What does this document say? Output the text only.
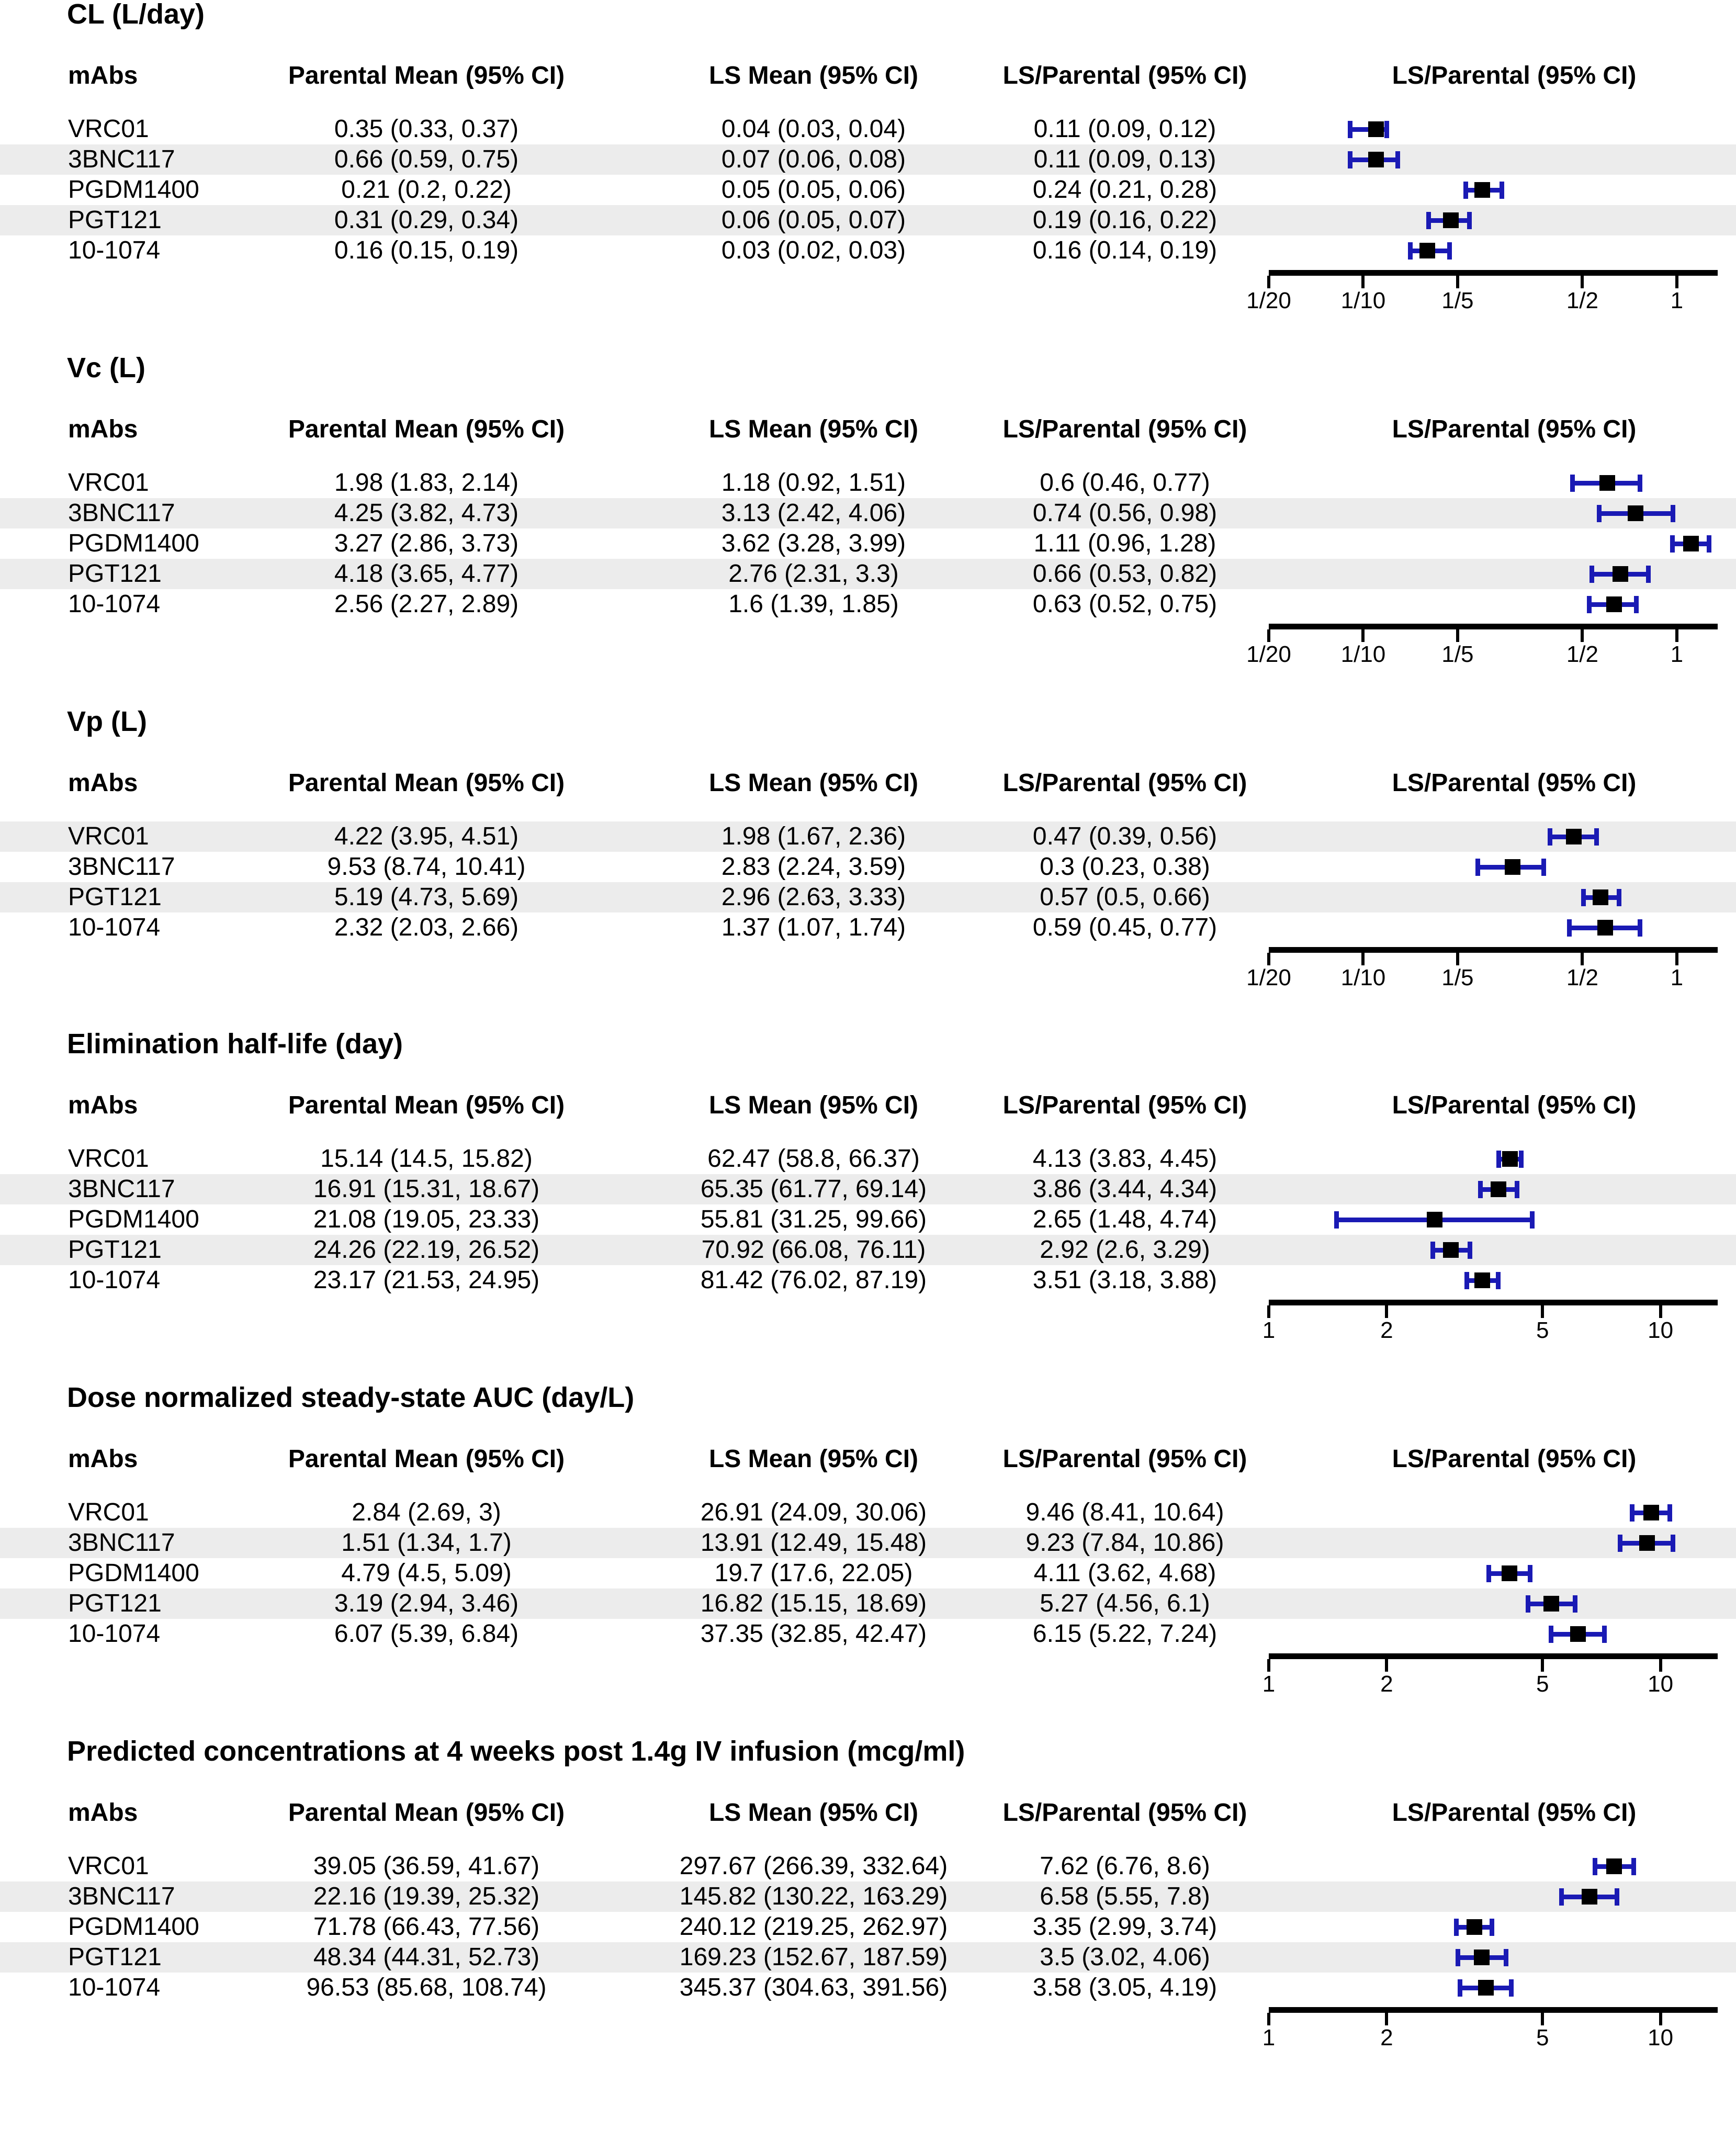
CL (L/day)
mAbs	Parental Mean (95% CI)	LS Mean (95% CI)	LS/Parental (95% CI)	LS/Parental (95% CI)
VRC01	0.35 (0.33, 0.37)	0.04 (0.03, 0.04)	0.11 (0.09, 0.12)
3BNC117	0.66 (0.59, 0.75)	0.07 (0.06, 0.08)	0.11 (0.09, 0.13)
PGDM1400	0.21 (0.2, 0.22)	0.05 (0.05, 0.06)	0.24 (0.21, 0.28)
PGT121	0.31 (0.29, 0.34)	0.06 (0.05, 0.07)	0.19 (0.16, 0.22)
10-1074	0.16 (0.15, 0.19)	0.03 (0.02, 0.03)	0.16 (0.14, 0.19)
1/20 1/10 1/5	1/2	1
Vc (L)
mAbs	Parental Mean (95% CI)	LS Mean (95% CI)	LS/Parental (95% CI)	LS/Parental (95% CI)
VRC01	1.98 (1.83, 2.14)	1.18 (0.92, 1.51)	0.6 (0.46, 0.77)
3BNC117	4.25 (3.82, 4.73)	3.13 (2.42, 4.06)	0.74 (0.56, 0.98)
PGDM1400	3.27 (2.86, 3.73)	3.62 (3.28, 3.99)	1.11 (0.96, 1.28)
PGT121	4.18 (3.65, 4.77)	2.76 (2.31, 3.3)	0.66 (0.53, 0.82)
10-1074	2.56 (2.27, 2.89)	1.6 (1.39, 1.85)	0.63 (0.52, 0.75)
1/20 1/10 1/5	1/2	1
Vp (L)
mAbs	Parental Mean (95% CI)	LS Mean (95% CI)	LS/Parental (95% CI)	LS/Parental (95% CI)
VRC01	4.22 (3.95, 4.51)	1.98 (1.67, 2.36)	0.47 (0.39, 0.56)
3BNC117	9.53 (8.74, 10.41)	2.83 (2.24, 3.59)	0.3 (0.23, 0.38)
PGT121	5.19 (4.73, 5.69)	2.96 (2.63, 3.33)	0.57 (0.5, 0.66)
10-1074	2.32 (2.03, 2.66)	1.37 (1.07, 1.74)	0.59 (0.45, 0.77)
1/20 1/10 1/5	1/2	1
Elimination half-life (day)
mAbs	Parental Mean (95% CI)	LS Mean (95% CI)	LS/Parental (95% CI)	LS/Parental (95% CI)
VRC01	15.14 (14.5, 15.82)	62.47 (58.8, 66.37)	4.13 (3.83, 4.45)
3BNC117	16.91 (15.31, 18.67)	65.35 (61.77, 69.14)	3.86 (3.44, 4.34)
PGDM1400	21.08 (19.05, 23.33)	55.81 (31.25, 99.66)	2.65 (1.48, 4.74)
PGT121	24.26 (22.19, 26.52)	70.92 (66.08, 76.11)	2.92 (2.6, 3.29)
10-1074	23.17 (21.53, 24.95)	81.42 (76.02, 87.19)	3.51 (3.18, 3.88)
1	2	5	10
Dose normalized steady-state AUC (day/L)
mAbs	Parental Mean (95% CI)	LS Mean (95% CI)	LS/Parental (95% CI)	LS/Parental (95% CI)
VRC01	2.84 (2.69, 3)	26.91 (24.09, 30.06)	9.46 (8.41, 10.64)
3BNC117	1.51 (1.34, 1.7)	13.91 (12.49, 15.48)	9.23 (7.84, 10.86)
PGDM1400	4.79 (4.5, 5.09)	19.7 (17.6, 22.05)	4.11 (3.62, 4.68)
PGT121	3.19 (2.94, 3.46)	16.82 (15.15, 18.69)	5.27 (4.56, 6.1)
10-1074	6.07 (5.39, 6.84)	37.35 (32.85, 42.47)	6.15 (5.22, 7.24)
1	2	5	10
Predicted concentrations at 4 weeks post 1.4g IV infusion (mcg/ml)
mAbs	Parental Mean (95% CI)	LS Mean (95% CI)	LS/Parental (95% CI)	LS/Parental (95% CI)
VRC01	39.05 (36.59, 41.67)	297.67 (266.39, 332.64)	7.62 (6.76, 8.6)
3BNC117	22.16 (19.39, 25.32)	145.82 (130.22, 163.29)	6.58 (5.55, 7.8)
PGDM1400	71.78 (66.43, 77.56)	240.12 (219.25, 262.97)	3.35 (2.99, 3.74)
PGT121	48.34 (44.31, 52.73)	169.23 (152.67, 187.59)	3.5 (3.02, 4.06)
10-1074	96.53 (85.68, 108.74)	345.37 (304.63, 391.56)	3.58 (3.05, 4.19)
1	2	5	10
